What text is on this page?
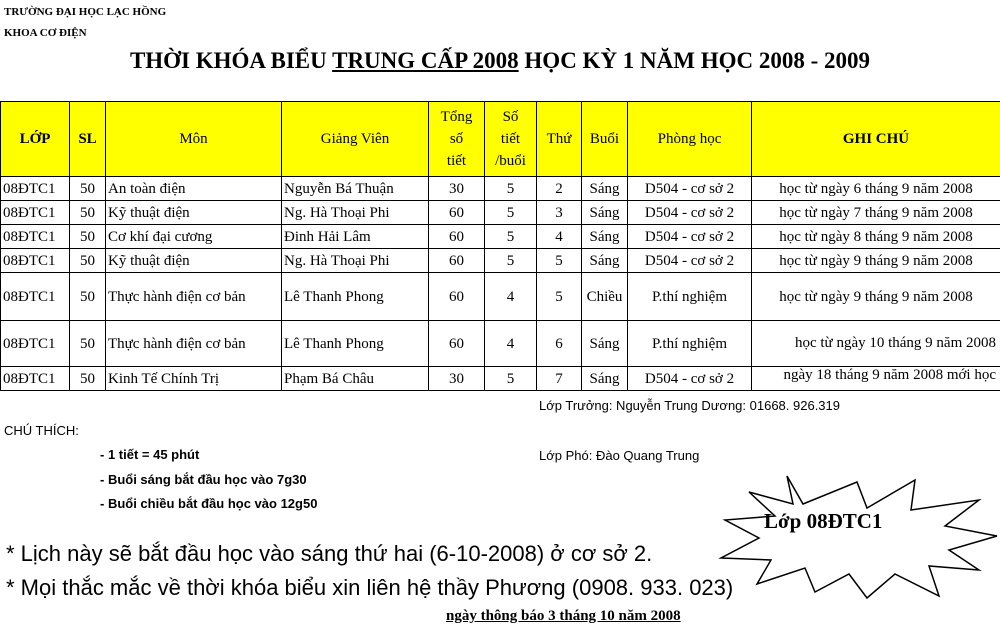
TRƯỜNG ĐẠI HỌC LẠC HỒNG
KHOA CƠ ĐIỆN
THỜI KHÓA BIỂU TRUNG CẤP 2008 HỌC KỲ 1 NĂM HỌC 2008 - 2009
LỚP	SL	Môn	Giảng Viên	Tổng
số
tiết	Số
tiết
/buổi	Thứ	Buổi	Phòng học	GHI CHÚ
08ĐTC1	50	An toàn điện	Nguyễn Bá Thuận	30	5	2	Sáng	D504 - cơ sở 2	học từ ngày 6 tháng 9 năm 2008
08ĐTC1	50	Kỹ thuật điện	Ng. Hà Thoại Phi	60	5	3	Sáng	D504 - cơ sở 2	học từ ngày 7 tháng 9 năm 2008
08ĐTC1	50	Cơ khí đại cương	Đinh Hải Lâm	60	5	4	Sáng	D504 - cơ sở 2	học từ ngày 8 tháng 9 năm 2008
08ĐTC1	50	Kỹ thuật điện	Ng. Hà Thoại Phi	60	5	5	Sáng	D504 - cơ sở 2	học từ ngày 9 tháng 9 năm 2008
08ĐTC1	50	Thực hành điện cơ bản	Lê Thanh Phong	60	4	5	Chiều	P.thí nghiệm	học từ ngày 9 tháng 9 năm 2008
08ĐTC1	50	Thực hành điện cơ bản	Lê Thanh Phong	60	4	6	Sáng	P.thí nghiệm	học từ ngày 10 tháng 9 năm 2008
08ĐTC1	50	Kinh Tế Chính Trị	Phạm Bá Châu	30	5	7	Sáng	D504 - cơ sở 2	ngày 18 tháng 9 năm 2008 mới học
CHÚ THÍCH:
- 1 tiết = 45 phút
- Buổi sáng bắt đầu học vào 7g30
- Buổi chiều bắt đầu học vào 12g50
Lớp Trưởng: Nguyễn Trung Dương: 01668. 926.319
Lớp Phó: Đào Quang Trung
Lớp 08ĐTC1
* Lịch này sẽ bắt đầu học vào sáng thứ hai (6-10-2008) ở cơ sở 2.
* Mọi thắc mắc về thời khóa biểu xin liên hệ thầy Phương (0908. 933. 023)
ngày thông báo 3 tháng 10 năm 2008
